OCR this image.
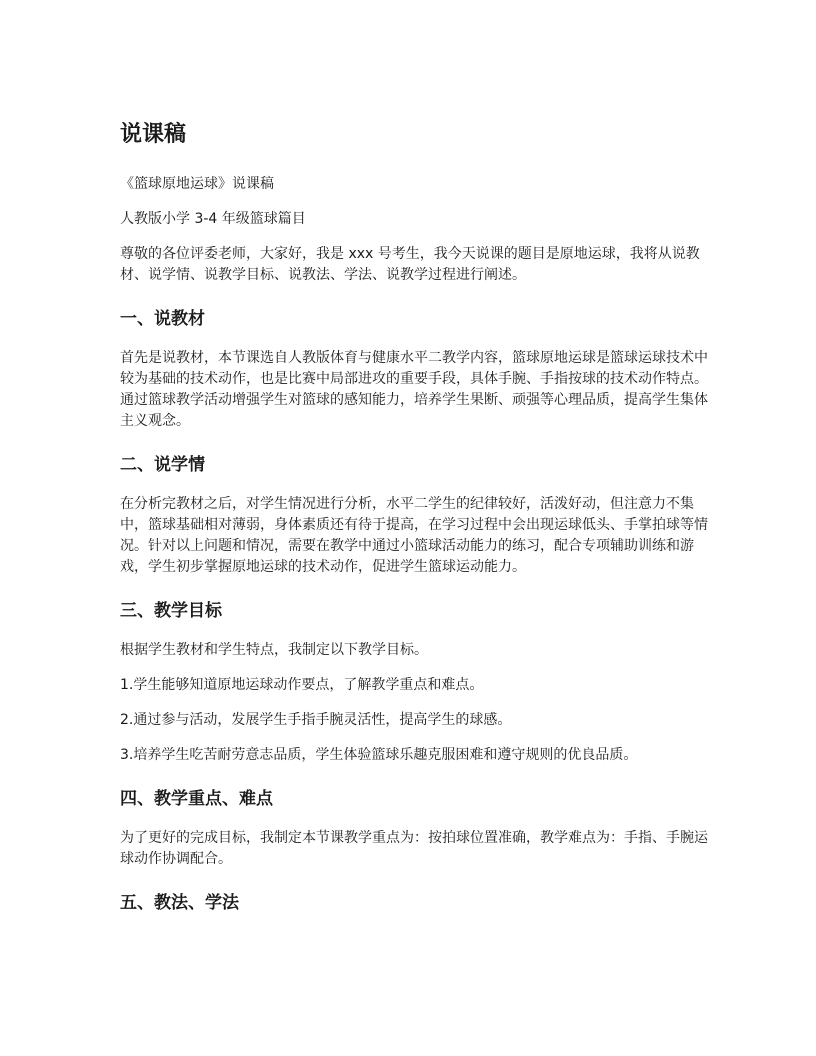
说课稿

《篮球原地运球》说课稿

人教版小学 3-4 年级篮球篇目

尊敬的各位评委老师，大家好，我是 xxx 号考生，我今天说课的题目是原地运球，我将从说教材、说学情、说教学目标、说教法、学法、说教学过程进行阐述。

一、说教材

首先是说教材，本节课选自人教版体育与健康水平二教学内容，篮球原地运球是篮球运球技术中较为基础的技术动作，也是比赛中局部进攻的重要手段，具体手腕、手指按球的技术动作特点。通过篮球教学活动增强学生对篮球的感知能力，培养学生果断、顽强等心理品质，提高学生集体主义观念。

二、说学情

在分析完教材之后，对学生情况进行分析，水平二学生的纪律较好，活泼好动，但注意力不集中，篮球基础相对薄弱，身体素质还有待于提高，在学习过程中会出现运球低头、手掌拍球等情况。针对以上问题和情况，需要在教学中通过小篮球活动能力的练习，配合专项辅助训练和游戏，学生初步掌握原地运球的技术动作，促进学生篮球运动能力。

三、教学目标

根据学生教材和学生特点，我制定以下教学目标。

1.学生能够知道原地运球动作要点，了解教学重点和难点。

2.通过参与活动，发展学生手指手腕灵活性，提高学生的球感。

3.培养学生吃苦耐劳意志品质，学生体验篮球乐趣克服困难和遵守规则的优良品质。

四、教学重点、难点

为了更好的完成目标，我制定本节课教学重点为：按拍球位置准确，教学难点为：手指、手腕运球动作协调配合。

五、教法、学法
